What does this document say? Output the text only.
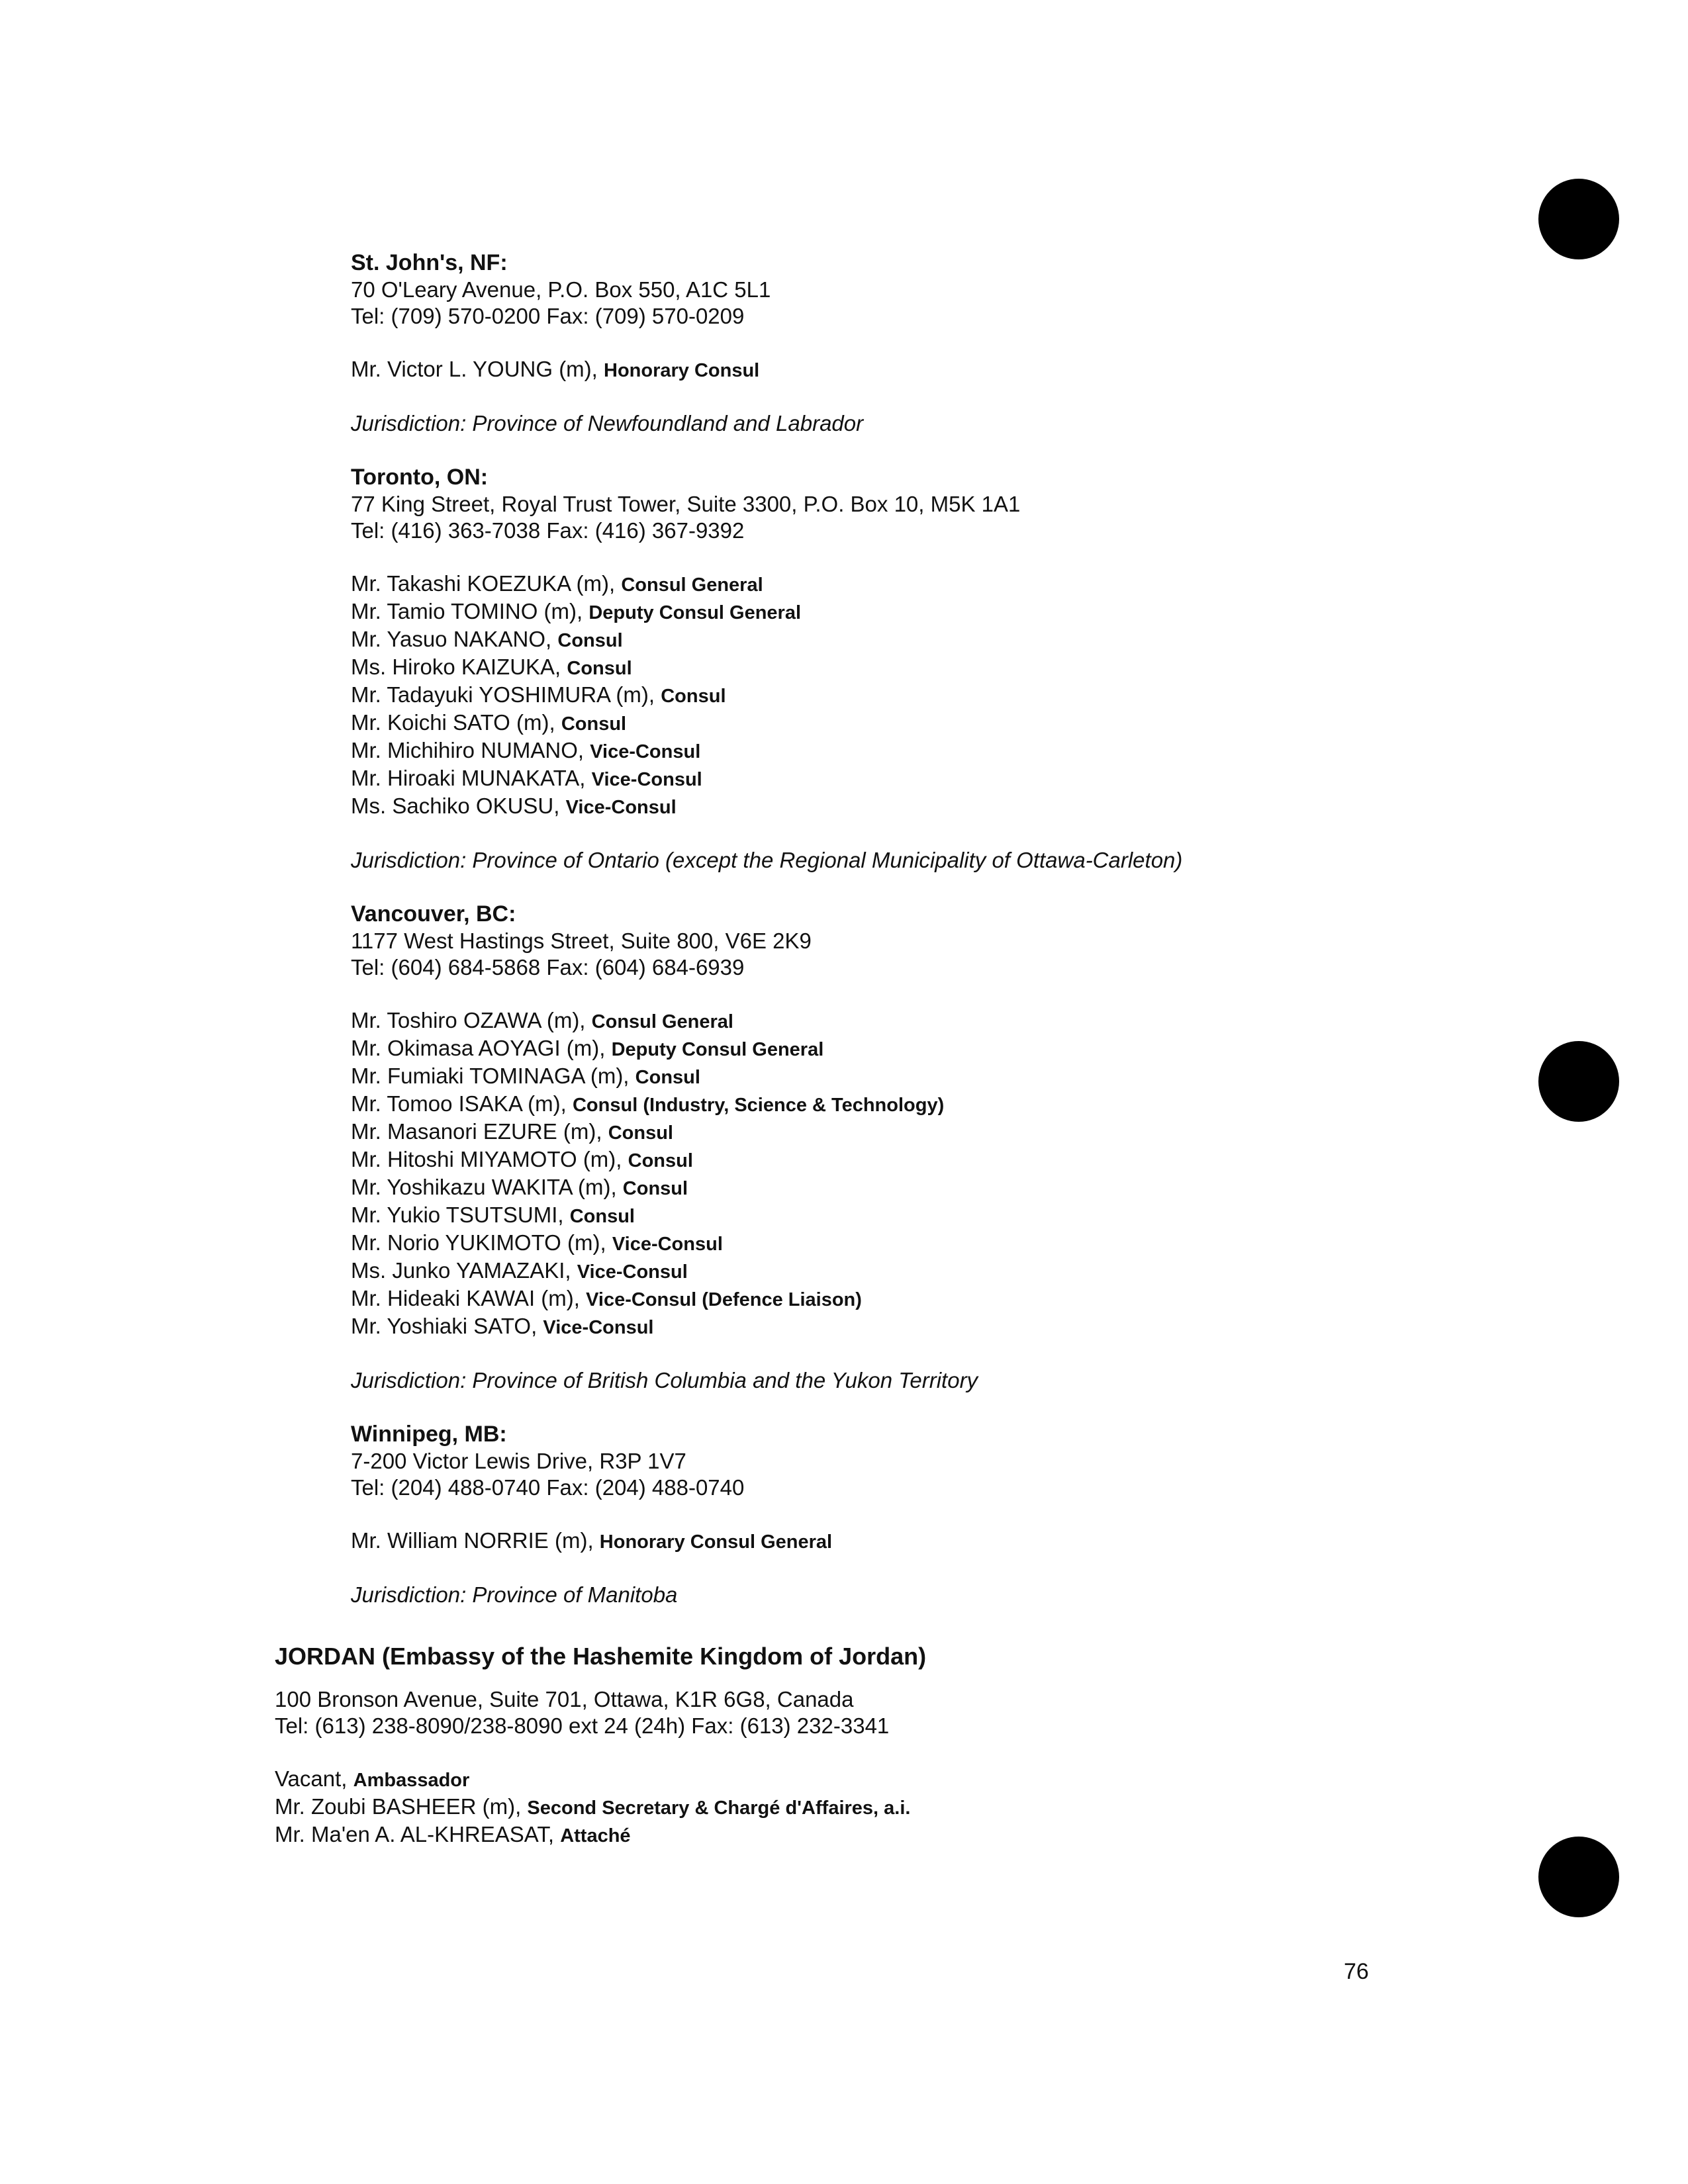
St. John's, NF:
70 O'Leary Avenue, P.O. Box 550, A1C 5L1
Tel: (709) 570-0200 Fax: (709) 570-0209
Mr. Victor L. YOUNG (m), Honorary Consul
Jurisdiction: Province of Newfoundland and Labrador
Toronto, ON:
77 King Street, Royal Trust Tower, Suite 3300, P.O. Box 10, M5K 1A1
Tel: (416) 363-7038 Fax: (416) 367-9392
Mr. Takashi KOEZUKA (m), Consul General
Mr. Tamio TOMINO (m), Deputy Consul General
Mr. Yasuo NAKANO, Consul
Ms. Hiroko KAIZUKA, Consul
Mr. Tadayuki YOSHIMURA (m), Consul
Mr. Koichi SATO (m), Consul
Mr. Michihiro NUMANO, Vice-Consul
Mr. Hiroaki MUNAKATA, Vice-Consul
Ms. Sachiko OKUSU, Vice-Consul
Jurisdiction: Province of Ontario (except the Regional Municipality of Ottawa-Carleton)
Vancouver, BC:
1177 West Hastings Street, Suite 800, V6E 2K9
Tel: (604) 684-5868 Fax: (604) 684-6939
Mr. Toshiro OZAWA (m), Consul General
Mr. Okimasa AOYAGI (m), Deputy Consul General
Mr. Fumiaki TOMINAGA (m), Consul
Mr. Tomoo ISAKA (m), Consul (Industry, Science & Technology)
Mr. Masanori EZURE (m), Consul
Mr. Hitoshi MIYAMOTO (m), Consul
Mr. Yoshikazu WAKITA (m), Consul
Mr. Yukio TSUTSUMI, Consul
Mr. Norio YUKIMOTO (m), Vice-Consul
Ms. Junko YAMAZAKI, Vice-Consul
Mr. Hideaki KAWAI (m), Vice-Consul (Defence Liaison)
Mr. Yoshiaki SATO, Vice-Consul
Jurisdiction: Province of British Columbia and the Yukon Territory
Winnipeg, MB:
7-200 Victor Lewis Drive, R3P 1V7
Tel: (204) 488-0740 Fax: (204) 488-0740
Mr. William NORRIE (m), Honorary Consul General
Jurisdiction: Province of Manitoba
JORDAN (Embassy of the Hashemite Kingdom of Jordan)
100 Bronson Avenue, Suite 701, Ottawa, K1R 6G8, Canada
Tel: (613) 238-8090/238-8090 ext 24 (24h) Fax: (613) 232-3341
Vacant, Ambassador
Mr. Zoubi BASHEER (m), Second Secretary & Chargé d'Affaires, a.i.
Mr. Ma'en A. AL-KHREASAT, Attaché
76
